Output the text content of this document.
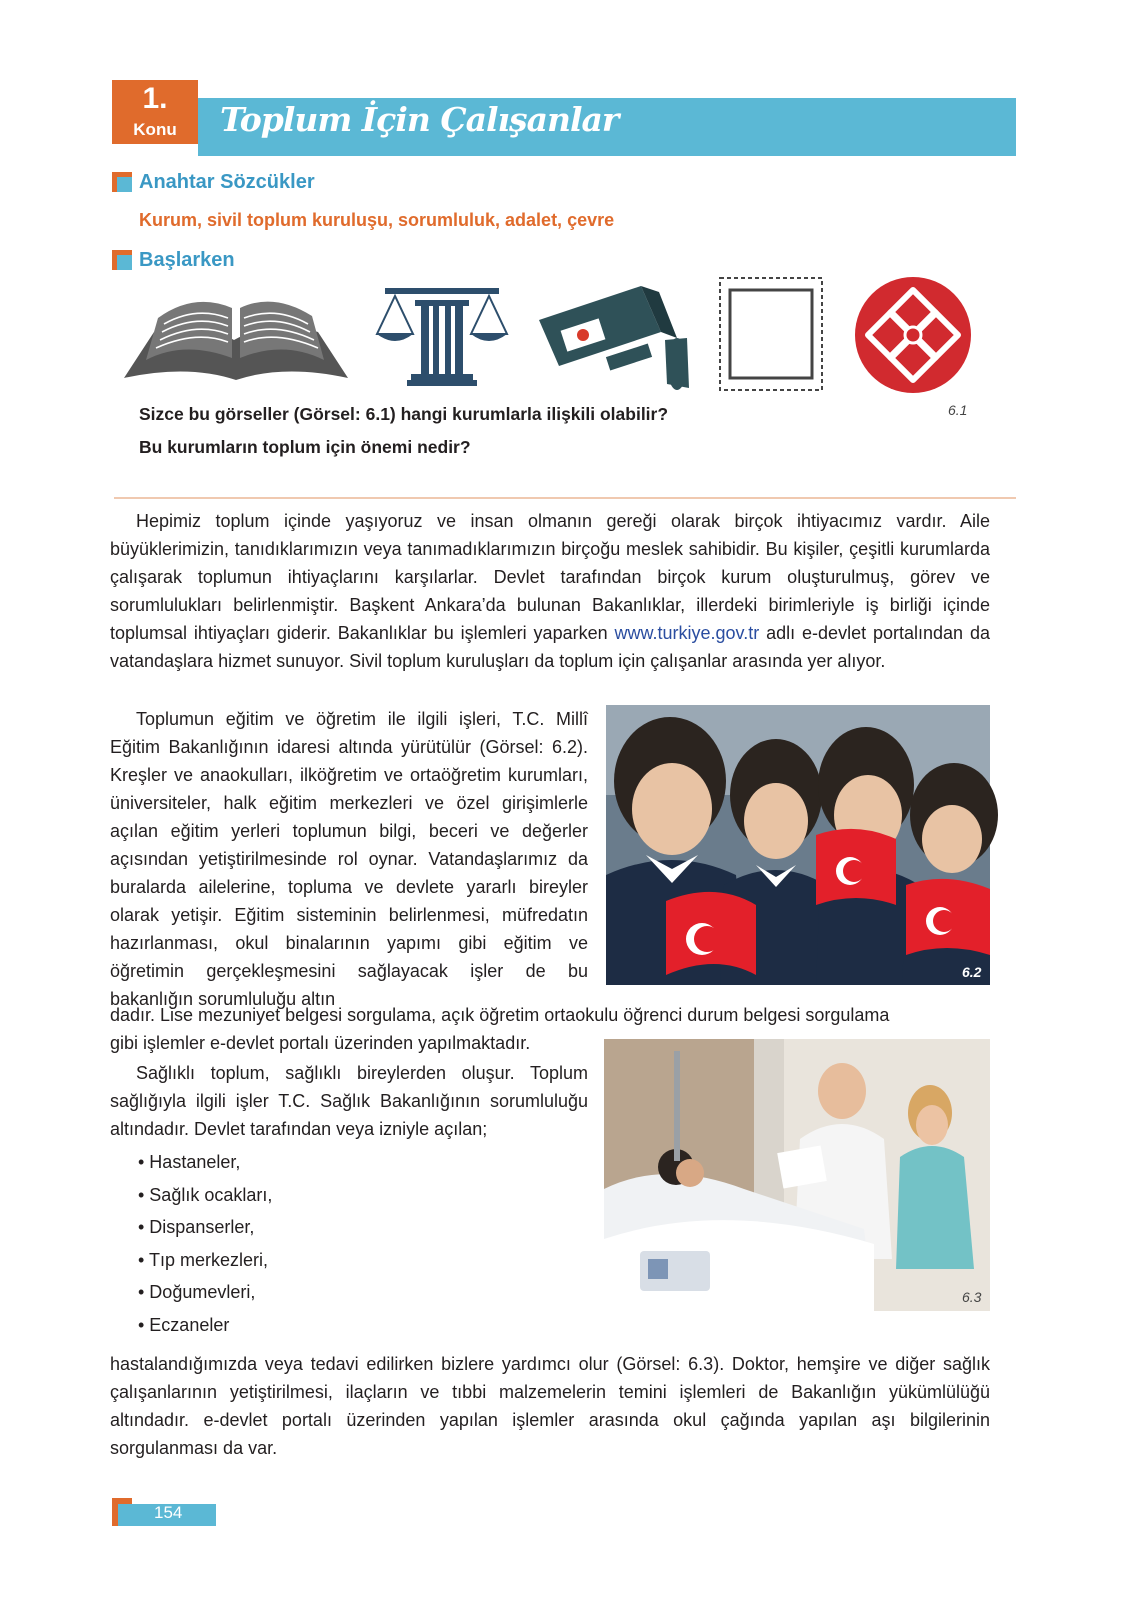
1.
Konu	Toplum İçin Çalışanlar
Anahtar Sözcükler
Kurum, sivil toplum kuruluşu, sorumluluk, adalet, çevre
Başlarken
Sizce bu görseller (Görsel: 6.1) hangi kurumlarla ilişkili olabilir?
Bu kurumların toplum için önemi nedir?
6.1

Hepimiz toplum içinde yaşıyoruz ve insan olmanın gereği olarak birçok ihtiyacımız vardır. Aile büyüklerimizin, tanıdıklarımızın veya tanımadıklarımızın birçoğu meslek sahibidir. Bu kişiler, çeşitli kurumlarda çalışarak toplumun ihtiyaçlarını karşılarlar. Devlet tarafından birçok kurum oluşturulmuş, görev ve sorumlulukları belirlenmiştir. Başkent Ankara’da bulunan Bakanlıklar, illerdeki birimleriyle iş birliği içinde toplumsal ihtiyaçları giderir. Bakanlıklar bu işlemleri yaparken www.turkiye.gov.tr adlı e-devlet portalından da vatandaşlara hizmet sunuyor. Sivil toplum kuruluşları da toplum için çalışanlar arasında yer alıyor.

6.2

Toplumun eğitim ve öğretim ile ilgili işleri, T.C. Millî Eğitim Bakanlığının idaresi altında yürütülür (Görsel: 6.2). Kreşler ve anaokulları, ilköğretim ve ortaöğretim kurumları, üniversiteler, halk eğitim merkezleri ve özel girişimlerle açılan eğitim yerleri toplumun bilgi, beceri ve değerler açısından yetiştirilmesinde rol oynar. Vatandaşlarımız da buralarda ailelerine, topluma ve devlete yararlı bireyler olarak yetişir. Eğitim sisteminin belirlenmesi, müfredatın hazırlanması, okul binalarının yapımı gibi eğitim ve öğretimin gerçekleşmesini sağlayacak işler de bu bakanlığın sorumluluğu altın

dadır. Lise mezuniyet belgesi sorgulama, açık öğretim ortaokulu öğrenci durum belgesi sorgulama

gibi işlemler e-devlet portalı üzerinden yapılmaktadır.

6.3

Sağlıklı toplum, sağlıklı bireylerden oluşur. Toplum sağlığıyla ilgili işler T.C. Sağlık Bakanlığının sorumluluğu altındadır. Devlet tarafından veya izniyle açılan;

• Hastaneler,
• Sağlık ocakları,
• Dispanserler,
• Tıp merkezleri,
• Doğumevleri,
• Eczaneler

hastalandığımızda veya tedavi edilirken bizlere yardımcı olur (Görsel: 6.3). Doktor, hemşire ve diğer sağlık çalışanlarının yetiştirilmesi, ilaçların ve tıbbi malzemelerin temini işlemleri de Bakanlığın yükümlülüğü altındadır. e-devlet portalı üzerinden yapılan işlemler arasında okul çağında yapılan aşı bilgilerinin sorgulanması da var.

154
